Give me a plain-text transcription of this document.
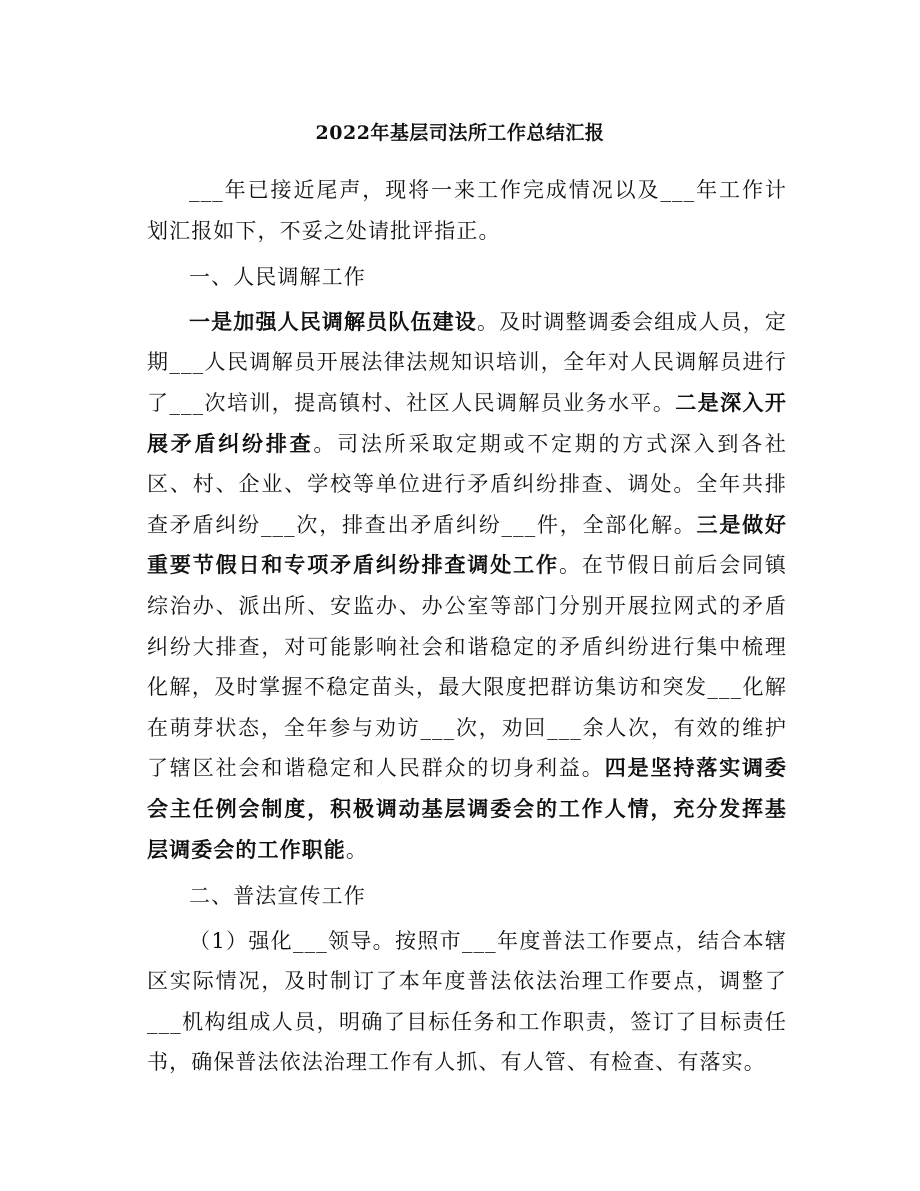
2022年基层司法所工作总结汇报

___年已接近尾声，现将一来工作完成情况以及___年工作计划汇报如下，不妥之处请批评指正。

一、人民调解工作

一是加强人民调解员队伍建设。及时调整调委会组成人员，定期___人民调解员开展法律法规知识培训，全年对人民调解员进行了___次培训，提高镇村、社区人民调解员业务水平。二是深入开展矛盾纠纷排查。司法所采取定期或不定期的方式深入到各社区、村、企业、学校等单位进行矛盾纠纷排查、调处。全年共排查矛盾纠纷___次，排查出矛盾纠纷___件，全部化解。三是做好重要节假日和专项矛盾纠纷排查调处工作。在节假日前后会同镇综治办、派出所、安监办、办公室等部门分别开展拉网式的矛盾纠纷大排查，对可能影响社会和谐稳定的矛盾纠纷进行集中梳理化解，及时掌握不稳定苗头，最大限度把群访集访和突发___化解在萌芽状态，全年参与劝访___次，劝回___余人次，有效的维护了辖区社会和谐稳定和人民群众的切身利益。四是坚持落实调委会主任例会制度，积极调动基层调委会的工作人情，充分发挥基层调委会的工作职能。

二、普法宣传工作

（1）强化___领导。按照市___年度普法工作要点，结合本辖区实际情况，及时制订了本年度普法依法治理工作要点，调整了___机构组成人员，明确了目标任务和工作职责，签订了目标责任书，确保普法依法治理工作有人抓、有人管、有检查、有落实。
